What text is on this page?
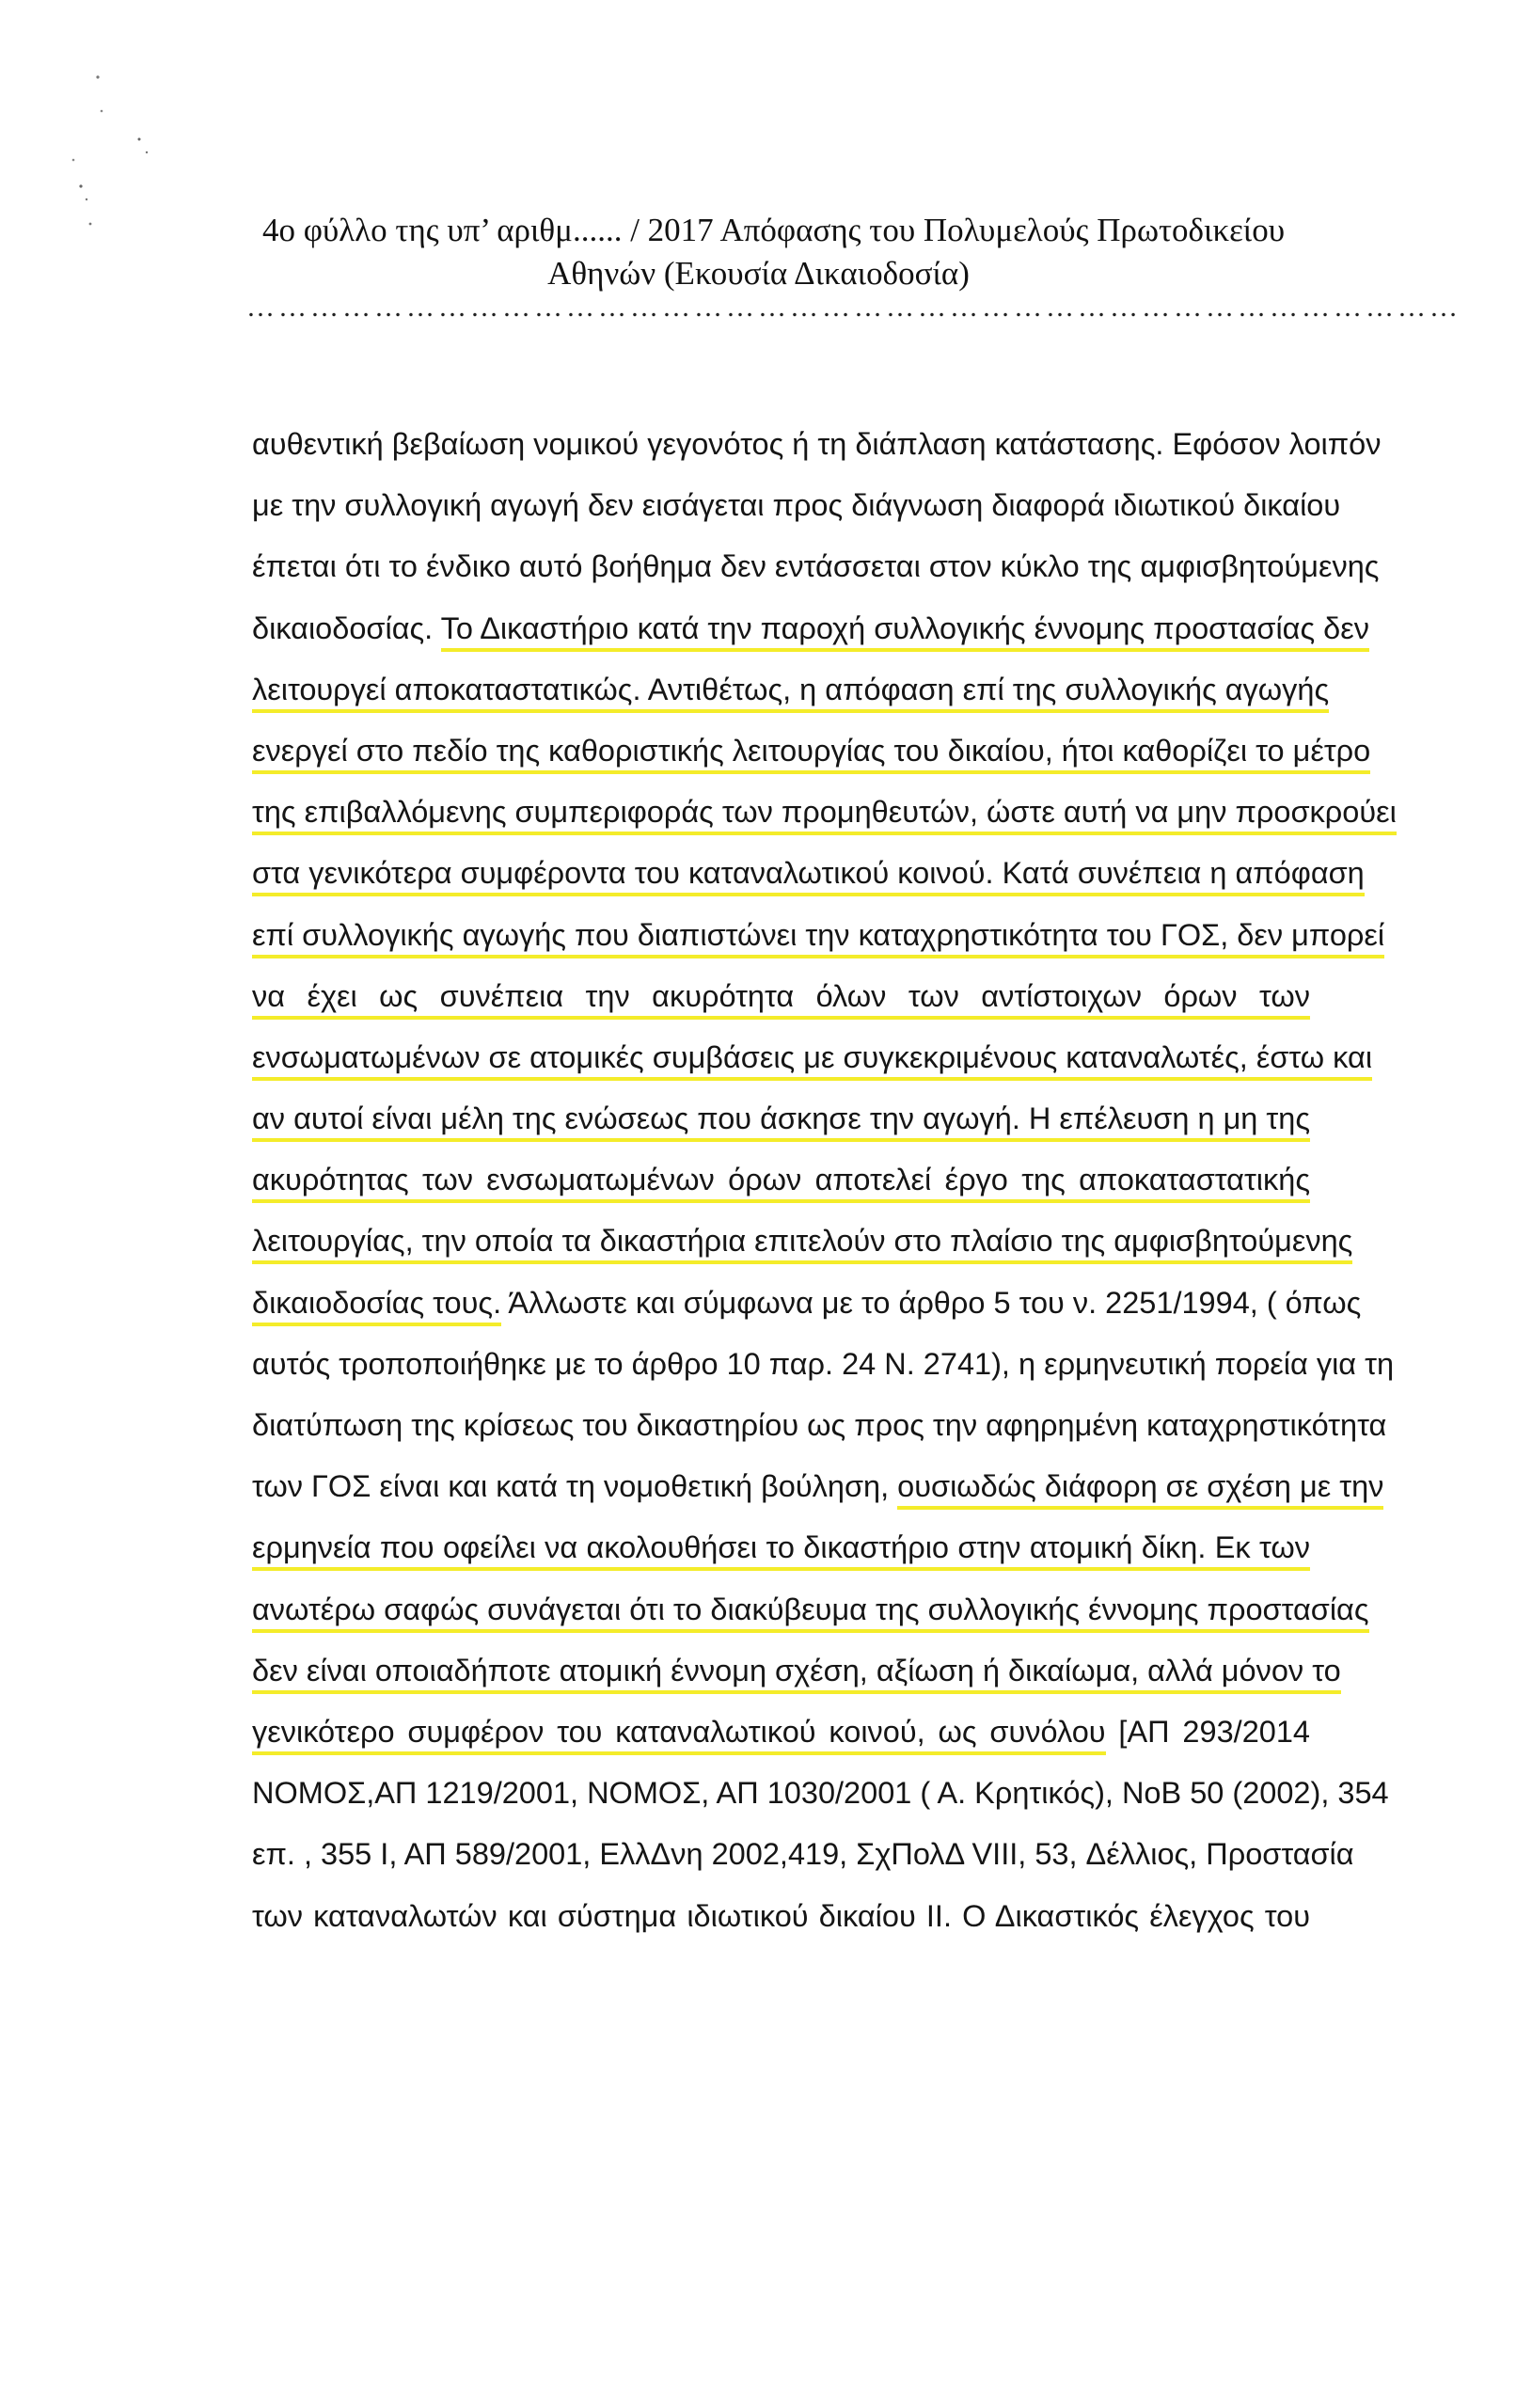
4ο φύλλο της υπ’ αριθμ...... / 2017 Απόφασης του Πολυμελούς Πρωτοδικείου
Αθηνών (Εκουσία Δικαιοδοσία)
……………………………………………………………………………………………………
αυθεντική βεβαίωση νομικού γεγονότος ή τη διάπλαση κατάστασης. Εφόσον λοιπόν
με την συλλογική αγωγή δεν εισάγεται προς διάγνωση διαφορά ιδιωτικού δικαίου
έπεται ότι το ένδικο αυτό βοήθημα δεν εντάσσεται στον κύκλο της αμφισβητούμενης
δικαιοδοσίας. Το Δικαστήριο κατά την παροχή συλλογικής έννομης προστασίας δεν
λειτουργεί αποκαταστατικώς. Αντιθέτως, η απόφαση επί της συλλογικής αγωγής
ενεργεί στο πεδίο της καθοριστικής λειτουργίας του δικαίου, ήτοι καθορίζει το μέτρο
της επιβαλλόμενης συμπεριφοράς των προμηθευτών, ώστε αυτή να μην προσκρούει
στα γενικότερα συμφέροντα του καταναλωτικού κοινού. Κατά συνέπεια η απόφαση
επί συλλογικής αγωγής που διαπιστώνει την καταχρηστικότητα του ΓΟΣ, δεν μπορεί
να έχει ως συνέπεια την ακυρότητα όλων των αντίστοιχων όρων των
ενσωματωμένων σε ατομικές συμβάσεις με συγκεκριμένους καταναλωτές, έστω και
αν αυτοί είναι μέλη της ενώσεως που άσκησε την αγωγή. Η επέλευση η μη της
ακυρότητας των ενσωματωμένων όρων αποτελεί έργο της αποκαταστατικής
λειτουργίας, την οποία τα δικαστήρια επιτελούν στο πλαίσιο της αμφισβητούμενης
δικαιοδοσίας τους. Άλλωστε και σύμφωνα με το άρθρο 5 του ν. 2251/1994, ( όπως
αυτός τροποποιήθηκε με το άρθρο 10 παρ. 24 Ν. 2741), η ερμηνευτική πορεία για τη
διατύπωση της κρίσεως του δικαστηρίου ως προς την αφηρημένη καταχρηστικότητα
των ΓΟΣ είναι και κατά τη νομοθετική βούληση, ουσιωδώς διάφορη σε σχέση με την
ερμηνεία που οφείλει να ακολουθήσει το δικαστήριο στην ατομική δίκη. Εκ των
ανωτέρω σαφώς συνάγεται ότι το διακύβευμα της συλλογικής έννομης προστασίας
δεν είναι οποιαδήποτε ατομική έννομη σχέση, αξίωση ή δικαίωμα, αλλά μόνον το
γενικότερο συμφέρον του καταναλωτικού κοινού, ως συνόλου [ΑΠ 293/2014
ΝΟΜΟΣ,ΑΠ 1219/2001, ΝΟΜΟΣ, ΑΠ 1030/2001 ( Α. Κρητικός), ΝοΒ 50 (2002), 354
επ. , 355 Ι, ΑΠ 589/2001, ΕλλΔνη 2002,419, ΣχΠολΔ VIII, 53, Δέλλιος, Προστασία
των καταναλωτών και σύστημα ιδιωτικού δικαίου ΙΙ. Ο Δικαστικός έλεγχος του
